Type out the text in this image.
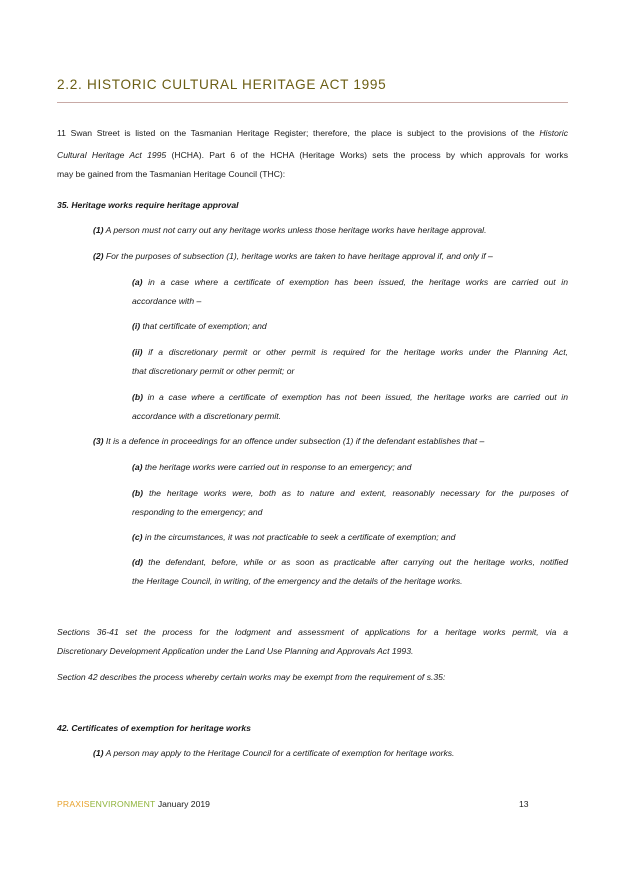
2.2. HISTORIC CULTURAL HERITAGE ACT 1995
11 Swan Street is listed on the Tasmanian Heritage Register; therefore, the place is subject to the provisions of the Historic
Cultural Heritage Act 1995 (HCHA). Part 6 of the HCHA (Heritage Works) sets the process by which approvals for works
may be gained from the Tasmanian Heritage Council (THC):
35. Heritage works require heritage approval
(1) A person must not carry out any heritage works unless those heritage works have heritage approval.
(2) For the purposes of subsection (1), heritage works are taken to have heritage approval if, and only if –
(a) in a case where a certificate of exemption has been issued, the heritage works are carried out in
accordance with –
(i) that certificate of exemption; and
(ii) if a discretionary permit or other permit is required for the heritage works under the Planning Act,
that discretionary permit or other permit; or
(b) in a case where a certificate of exemption has not been issued, the heritage works are carried out in
accordance with a discretionary permit.
(3) It is a defence in proceedings for an offence under subsection (1) if the defendant establishes that –
(a) the heritage works were carried out in response to an emergency; and
(b) the heritage works were, both as to nature and extent, reasonably necessary for the purposes of
responding to the emergency; and
(c) in the circumstances, it was not practicable to seek a certificate of exemption; and
(d) the defendant, before, while or as soon as practicable after carrying out the heritage works, notified
the Heritage Council, in writing, of the emergency and the details of the heritage works.
Sections 36-41 set the process for the lodgment and assessment of applications for a heritage works permit, via a
Discretionary Development Application under the Land Use Planning and Approvals Act 1993.
Section 42 describes the process whereby certain works may be exempt from the requirement of s.35:
42. Certificates of exemption for heritage works
(1) A person may apply to the Heritage Council for a certificate of exemption for heritage works.
PRAXISENVIRONMENT January 2019	13
